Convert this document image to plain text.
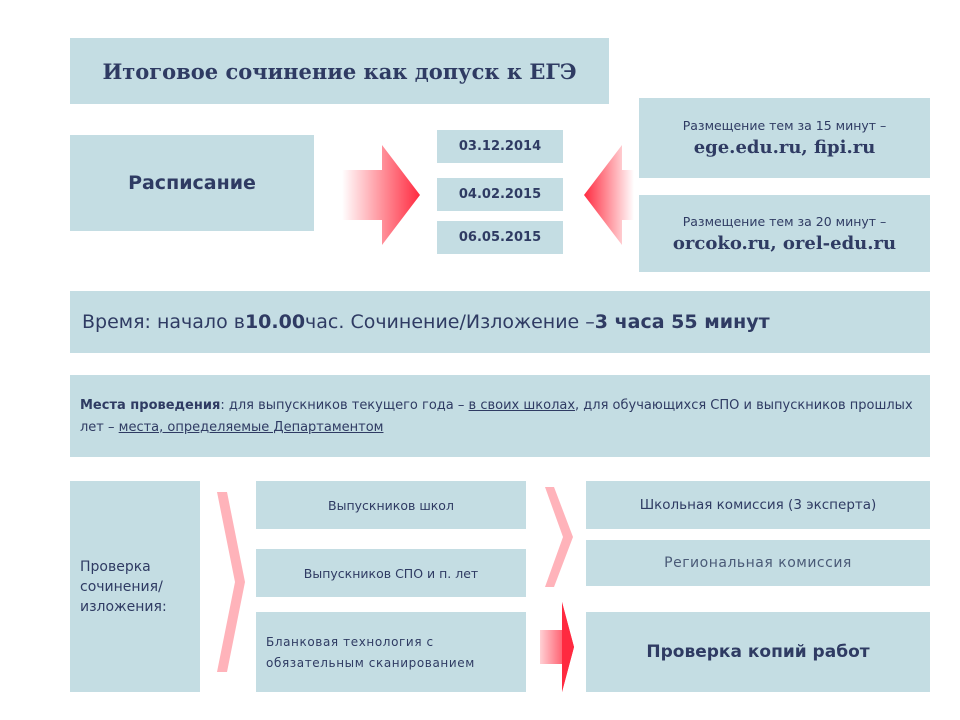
Итоговое сочинение как допуск к ЕГЭ
Расписание
03.12.2014
04.02.2015
06.05.2015
Размещение тем за 15 минут –
ege.edu.ru, fipi.ru
Размещение тем за 20 минут –
orcoko.ru, orel-edu.ru
Время: начало в 10.00 час. Сочинение/Изложение – 3 часа 55 минут
Места проведения: для выпускников текущего года – в своих школах, для обучающихся СПО и выпускников прошлых лет – места, определяемые Департаментом
Проверка сочинения/ изложения:
Выпускников школ
Выпускников СПО и п. лет
Бланковая технология с обязательным сканированием
Школьная комиссия (3 эксперта)
Региональная комиссия
Проверка копий работ
